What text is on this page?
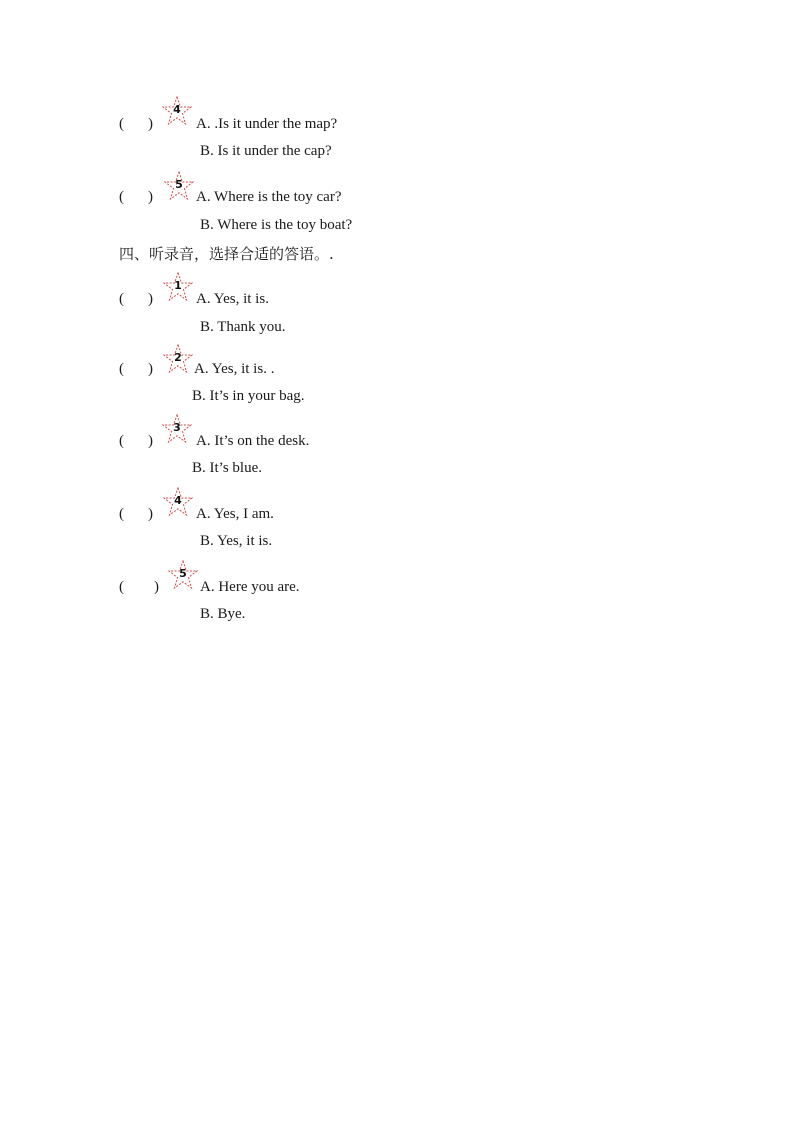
( )
4
A. .Is it under the map?
B. Is it under the cap?
( )
5
A. Where is the toy car?
B. Where is the toy boat?
四、听录音，选择合适的答语。.
( )
1
A. Yes, it is.
B. Thank you.
( )
2
A. Yes, it is. .
B. It’s in your bag.
( )
3
A. It’s on the desk.
B. It’s blue.
( )
4
A. Yes, I am.
B. Yes, it is.
( )
5
A. Here you are.
B. Bye.
